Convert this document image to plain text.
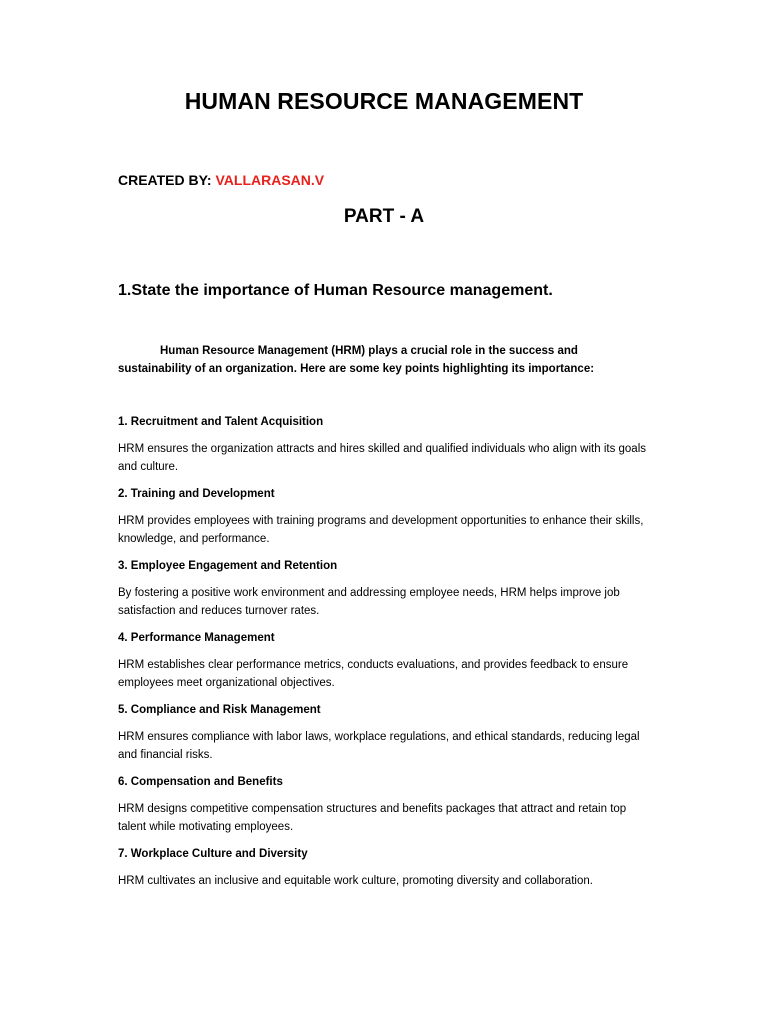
HUMAN RESOURCE MANAGEMENT
CREATED BY: VALLARASAN.V
PART - A
1.State the importance of Human Resource management.
Human Resource Management (HRM) plays a crucial role in the success and sustainability of an organization. Here are some key points highlighting its importance:
1. Recruitment and Talent Acquisition

HRM ensures the organization attracts and hires skilled and qualified individuals who align with its goals and culture.

2. Training and Development

HRM provides employees with training programs and development opportunities to enhance their skills, knowledge, and performance.

3. Employee Engagement and Retention

By fostering a positive work environment and addressing employee needs, HRM helps improve job satisfaction and reduces turnover rates.

4. Performance Management

HRM establishes clear performance metrics, conducts evaluations, and provides feedback to ensure employees meet organizational objectives.

5. Compliance and Risk Management

HRM ensures compliance with labor laws, workplace regulations, and ethical standards, reducing legal and financial risks.

6. Compensation and Benefits

HRM designs competitive compensation structures and benefits packages that attract and retain top talent while motivating employees.

7. Workplace Culture and Diversity

HRM cultivates an inclusive and equitable work culture, promoting diversity and collaboration.
